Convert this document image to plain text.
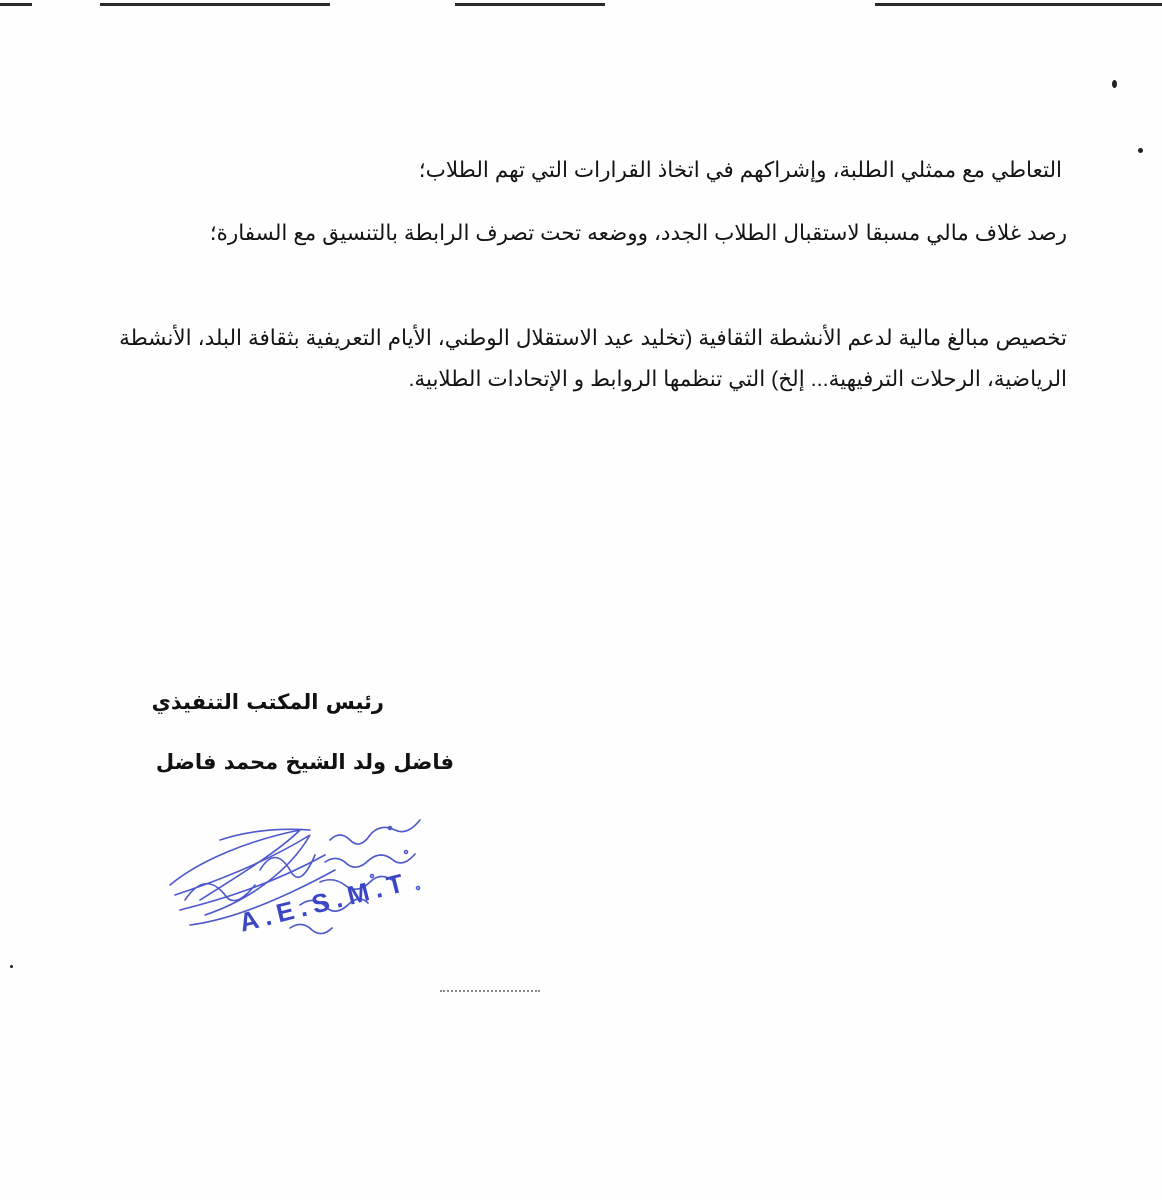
التعاطي مع ممثلي الطلبة، وإشراكهم في اتخاذ القرارات التي تهم الطلاب؛

رصد غلاف مالي مسبقا لاستقبال الطلاب الجدد، ووضعه تحت تصرف الرابطة بالتنسيق مع السفارة؛

تخصيص مبالغ مالية لدعم الأنشطة الثقافية (تخليد عيد الاستقلال الوطني، الأيام التعريفية بثقافة البلد، الأنشطة الرياضية، الرحلات الترفيهية... إلخ) التي تنظمها الروابط و الإتحادات الطلابية.

رئيس المكتب التنفيذي

فاضل ولد الشيخ محمد فاضل

A.E.S.M.T
